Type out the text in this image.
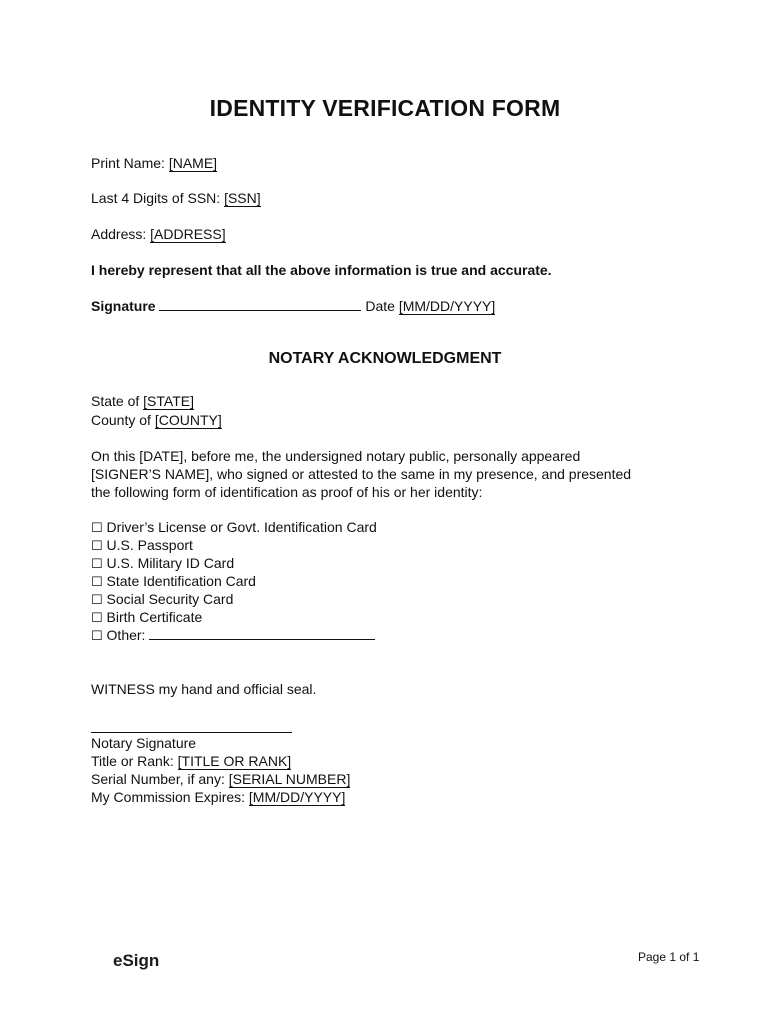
IDENTITY VERIFICATION FORM
Print Name: [NAME]
Last 4 Digits of SSN: [SSN]
Address: [ADDRESS]
I hereby represent that all the above information is true and accurate.
Signature	Date [MM/DD/YYYY]
NOTARY ACKNOWLEDGMENT
State of [STATE]
County of [COUNTY]
On this [DATE], before me, the undersigned notary public, personally appeared
[SIGNER’S NAME], who signed or attested to the same in my presence, and presented
the following form of identification as proof of his or her identity:
☐ Driver’s License or Govt. Identification Card
☐ U.S. Passport
☐ U.S. Military ID Card
☐ State Identification Card
☐ Social Security Card
☐ Birth Certificate
☐ Other:
WITNESS my hand and official seal.
Notary Signature
Title or Rank: [TITLE OR RANK]
Serial Number, if any: [SERIAL NUMBER]
My Commission Expires: [MM/DD/YYYY]
eSign	Page 1 of 1
